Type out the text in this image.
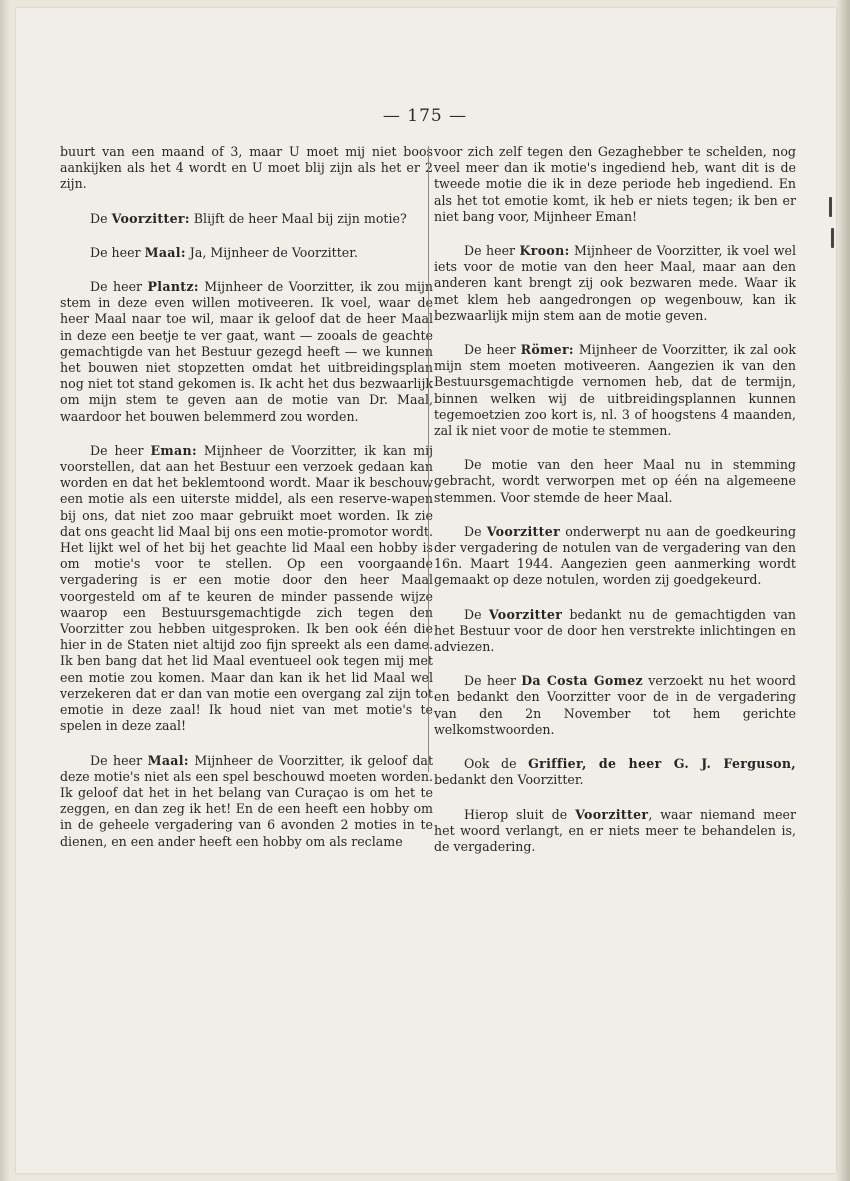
— 175 —

buurt van een maand of 3, maar U moet mij niet boos aankijken als het 4 wordt en U moet blij zijn als het er 2 zijn.

De Voorzitter: Blijft de heer Maal bij zijn motie?

De heer Maal: Ja, Mijnheer de Voorzitter.

De heer Plantz: Mijnheer de Voorzitter, ik zou mijn stem in deze even willen motiveeren. Ik voel, waar de heer Maal naar toe wil, maar ik geloof dat de heer Maal in deze een beetje te ver gaat, want — zooals de geachte gemachtigde van het Bestuur gezegd heeft — we kunnen het bouwen niet stopzetten omdat het uitbreidingsplan nog niet tot stand gekomen is. Ik acht het dus bezwaarlijk om mijn stem te geven aan de motie van Dr. Maal, waardoor het bouwen belemmerd zou worden.

De heer Eman: Mijnheer de Voorzitter, ik kan mij voorstellen, dat aan het Bestuur een verzoek gedaan kan worden en dat het beklemtoond wordt. Maar ik beschouw een motie als een uiterste middel, als een reserve-wapen bij ons, dat niet zoo maar gebruikt moet worden. Ik zie dat ons geacht lid Maal bij ons een motie-promotor wordt. Het lijkt wel of het bij het geachte lid Maal een hobby is om motie's voor te stellen. Op een voorgaande vergadering is er een motie door den heer Maal voorgesteld om af te keuren de minder passende wijze waarop een Bestuursgemachtigde zich tegen den Voorzitter zou hebben uitgesproken. Ik ben ook één die hier in de Staten niet altijd zoo fijn spreekt als een dame. Ik ben bang dat het lid Maal eventueel ook tegen mij met een motie zou komen. Maar dan kan ik het lid Maal wel verzekeren dat er dan van motie een overgang zal zijn tot emotie in deze zaal! Ik houd niet van met motie's te spelen in deze zaal!

De heer Maal: Mijnheer de Voorzitter, ik geloof dat deze motie's niet als een spel beschouwd moeten worden. Ik geloof dat het in het belang van Curaçao is om het te zeggen, en dan zeg ik het! En de een heeft een hobby om in de geheele vergadering van 6 avonden 2 moties in te dienen, en een ander heeft een hobby om als reclame

voor zich zelf tegen den Gezaghebber te schelden, nog veel meer dan ik motie's ingediend heb, want dit is de tweede motie die ik in deze periode heb ingediend. En als het tot emotie komt, ik heb er niets tegen; ik ben er niet bang voor, Mijnheer Eman!

De heer Kroon: Mijnheer de Voorzitter, ik voel wel iets voor de motie van den heer Maal, maar aan den anderen kant brengt zij ook bezwaren mede. Waar ik met klem heb aangedrongen op wegenbouw, kan ik bezwaarlijk mijn stem aan de motie geven.

De heer Römer: Mijnheer de Voorzitter, ik zal ook mijn stem moeten motiveeren. Aangezien ik van den Bestuursgemachtigde vernomen heb, dat de termijn, binnen welken wij de uitbreidingsplannen kunnen tegemoetzien zoo kort is, nl. 3 of hoogstens 4 maanden, zal ik niet voor de motie te stemmen.

De motie van den heer Maal nu in stemming gebracht, wordt verworpen met op één na algemeene stemmen. Voor stemde de heer Maal.

De Voorzitter onderwerpt nu aan de goedkeuring der vergadering de notulen van de vergadering van den 16n. Maart 1944. Aangezien geen aanmerking wordt gemaakt op deze notulen, worden zij goedgekeurd.

De Voorzitter bedankt nu de gemachtigden van het Bestuur voor de door hen verstrekte inlichtingen en adviezen.

De heer Da Costa Gomez verzoekt nu het woord en bedankt den Voorzitter voor de in de vergadering van den 2n November tot hem gerichte welkomstwoorden.

Ook de Griffier, de heer G. J. Ferguson, bedankt den Voorzitter.

Hierop sluit de Voorzitter, waar niemand meer het woord verlangt, en er niets meer te behandelen is, de vergadering.
